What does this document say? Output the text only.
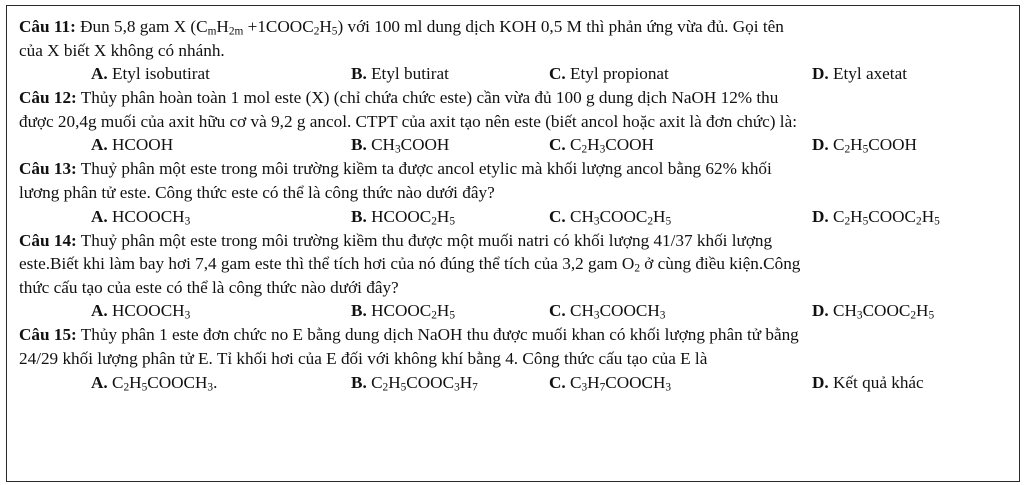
Câu 11: Đun 5,8 gam X ($C_mH_{2m}$ $+1COOC_2H_5$) với 100 ml dung dịch KOH 0,5 M thì phản ứng vừa đủ. Gọi tên
của X biết X không có nhánh.
A. Etyl isobutirat	B. Etyl butirat	C. Etyl propionat	D. Etyl axetat
Câu 12: Thủy phân hoàn toàn 1 mol este (X) (chỉ chứa chức este) cần vừa đủ 100 g dung dịch NaOH 12% thu
được 20,4g muối của axit hữu cơ và 9,2 g ancol. CTPT của axit tạo nên este (biết ancol hoặc axit là đơn chức) là:
A. HCOOH	B. $CH_3COOH$	C. $C_2H_3COOH$	D. $C_2H_5COOH$
Câu 13: Thuỷ phân một este trong môi trường kiềm ta được ancol etylic mà khối lượng ancol bằng 62% khối
lương phân tử este. Công thức este có thể là công thức nào dưới đây?
A. $HCOOCH_3$	B. $HCOOC_2H_5$	C. $CH_3COOC_2H_5$	D. $C_2H_5COOC_2H_5$
Câu 14: Thuỷ phân một este trong môi trường kiềm thu được một muối natri có khối lượng 41/37 khối lượng
este.Biết khi làm bay hơi 7,4 gam este thì thể tích hơi của nó đúng thể tích của 3,2 gam $O_2$ ở cùng điều kiện.Công
thức cấu tạo của este có thể là công thức nào dưới đây?
A. $HCOOCH_3$	B. $HCOOC_2H_5$	C. $CH_3COOCH_3$	D. $CH_3COOC_2H_5$
Câu 15: Thủy phân 1 este đơn chức no E bằng dung dịch NaOH thu được muối khan có khối lượng phân tử bằng
24/29 khối lượng phân tử E. Tỉ khối hơi của E đối với không khí bằng 4. Công thức cấu tạo của E là
A. $C_2H_5COOCH_3$.	B. $C_2H_5COOC_3H_7$	C. $C_3H_7COOCH_3$	D. Kết quả khác
